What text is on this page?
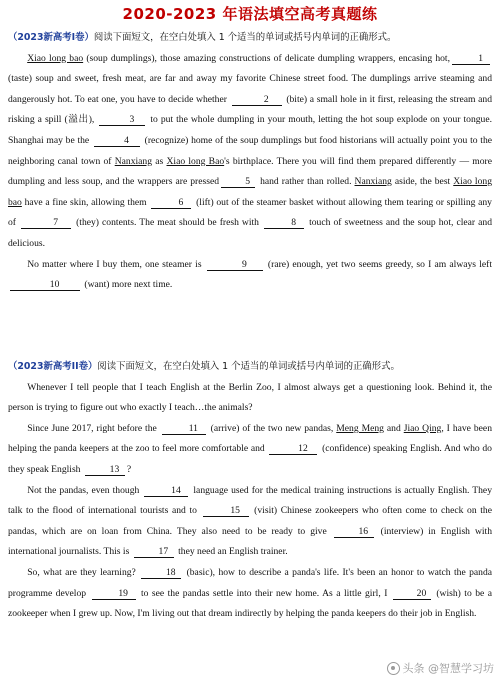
2020-2023 年语法填空高考真题练

（2023新高考Ⅰ卷）阅读下面短文，在空白处填入 1 个适当的单词或括号内单词的正确形式。

Xiao long bao (soup dumplings), those amazing constructions of delicate dumpling wrappers, encasing hot,	1 (taste) soup and sweet, fresh meat, are far and away my favorite Chinese street food. The dumplings arrive steaming and dangerously hot. To eat one, you have to decide whether	2 (bite) a small hole in it first, releasing the stream and risking a spill (溢出),	3 to put the whole dumpling in your mouth, letting the hot soup explode on your tongue. Shanghai may be the	4 (recognize) home of the soup dumplings but food historians will actually point you to the neighboring canal town of Nanxiang as Xiao long Bao's birthplace. There you will find them prepared differently — more dumpling and less soup, and the wrappers are pressed	5 hand rather than rolled. Nanxiang aside, the best Xiao long bao have a fine skin, allowing them	6 (lift) out of the steamer basket without allowing them tearing or spilling any of	7 (they) contents. The meat should be fresh with	8 touch of sweetness and the soup hot, clear and delicious.

No matter where I buy them, one steamer is	9 (rare) enough, yet two seems greedy, so I am always left 10 (want) more next time.

（2023新高考II卷）阅读下面短文，在空白处填入 1 个适当的单词或括号内单词的正确形式。

Whenever I tell people that I teach English at the Berlin Zoo, I almost always get a questioning look. Behind it, the person is trying to figure out who exactly I teach…the animals?

Since June 2017, right before the	11 (arrive) of the two new pandas, Meng Meng and Jiao Qing, I have been helping the panda keepers at the zoo to feel more comfortable and	12 (confidence) speaking English. And who do they speak English	13 ?

Not the pandas, even though	14 language used for the medical training instructions is actually English. They talk to the flood of international tourists and to	15 (visit) Chinese zookeepers who often come to check on the pandas, which are on loan from China. They also need to be ready to give	16 (interview) in English with international journalists. This is	17 they need an English trainer.

So, what are they learning?	18 (basic), how to describe a panda's life. It's been an honor to watch the panda programme develop	19 to see the pandas settle into their new home. As a little girl, I	20 (wish) to be a zookeeper when I grew up. Now, I'm living out that dream indirectly by helping the panda keepers do their job in English.

头条 @智慧学习坊
